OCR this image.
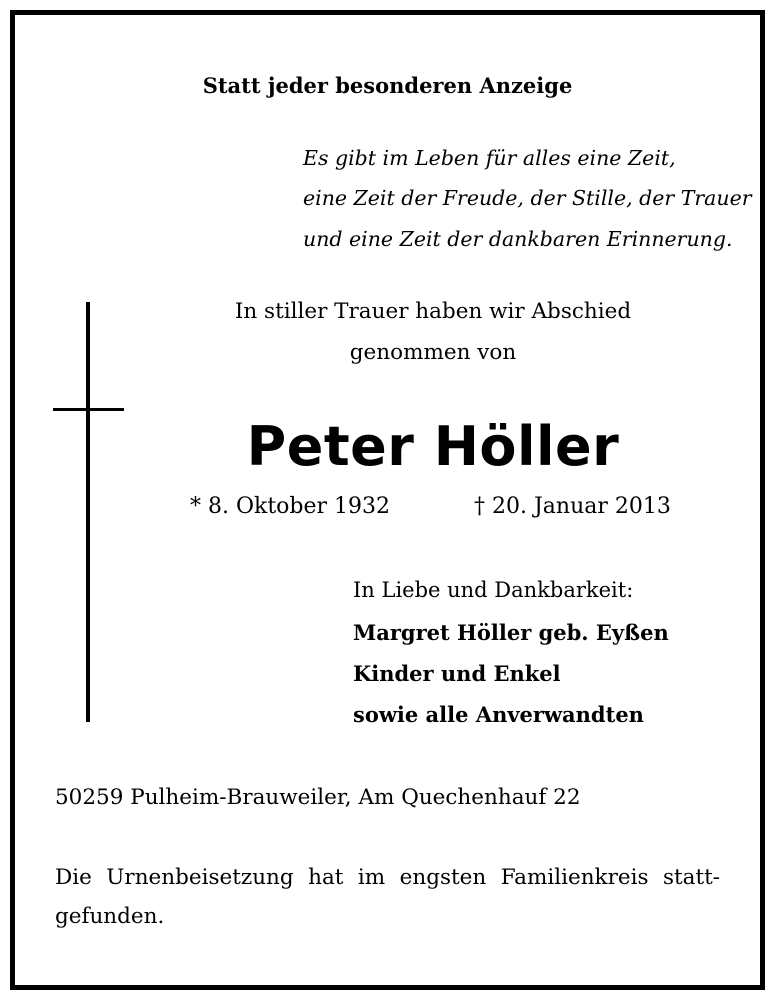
Statt jeder besonderen Anzeige
Es gibt im Leben für alles eine Zeit,
eine Zeit der Freude, der Stille, der Trauer
und eine Zeit der dankbaren Erinnerung.
In stiller Trauer haben wir Abschied
genommen von
Peter Höller
* 8. Oktober 1932	† 20. Januar 2013
In Liebe und Dankbarkeit:
Margret Höller geb. Eyßen
Kinder und Enkel
sowie alle Anverwandten
50259 Pulheim-Brauweiler, Am Quechenhauf 22
Die Urnenbeisetzung hat im engsten Familienkreis statt-
gefunden.
